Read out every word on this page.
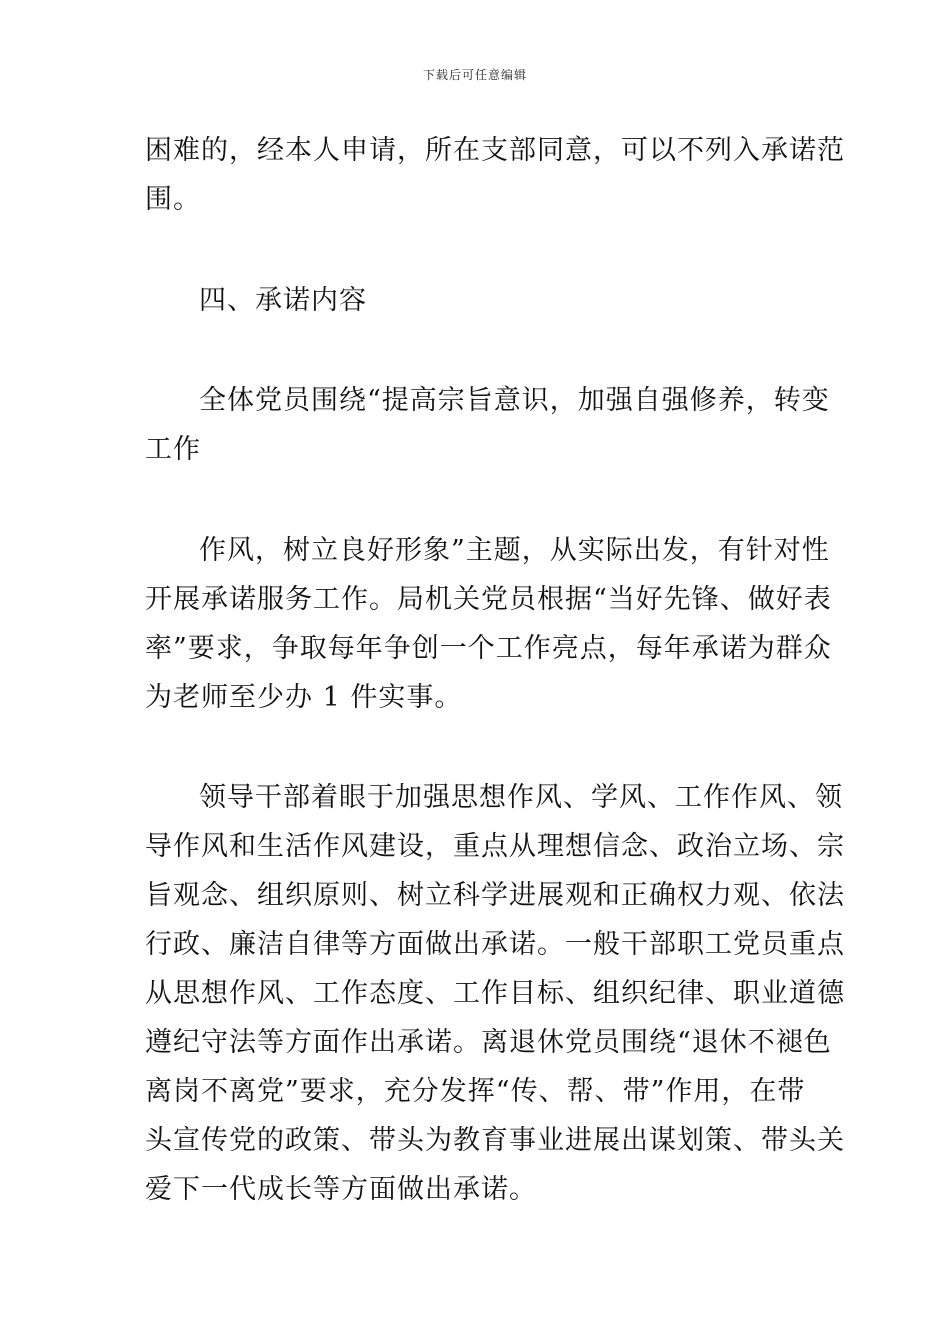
下载后可任意编辑
困难的，经本人申请，所在支部同意，可以不列入承诺范
围。
四、承诺内容
全体党员围绕“提高宗旨意识，加强自强修养，转变
工作
作风，树立良好形象”主题，从实际出发，有针对性
开展承诺服务工作。局机关党员根据“当好先锋、做好表
率”要求，争取每年争创一个工作亮点，每年承诺为群众
为老师至少办 1 件实事。
领导干部着眼于加强思想作风、学风、工作作风、领
导作风和生活作风建设，重点从理想信念、政治立场、宗
旨观念、组织原则、树立科学进展观和正确权力观、依法
行政、廉洁自律等方面做出承诺。一般干部职工党员重点
从思想作风、工作态度、工作目标、组织纪律、职业道德
遵纪守法等方面作出承诺。离退休党员围绕“退休不褪色
离岗不离党”要求，充分发挥“传、帮、带”作用，在带
头宣传党的政策、带头为教育事业进展出谋划策、带头关
爱下一代成长等方面做出承诺。
